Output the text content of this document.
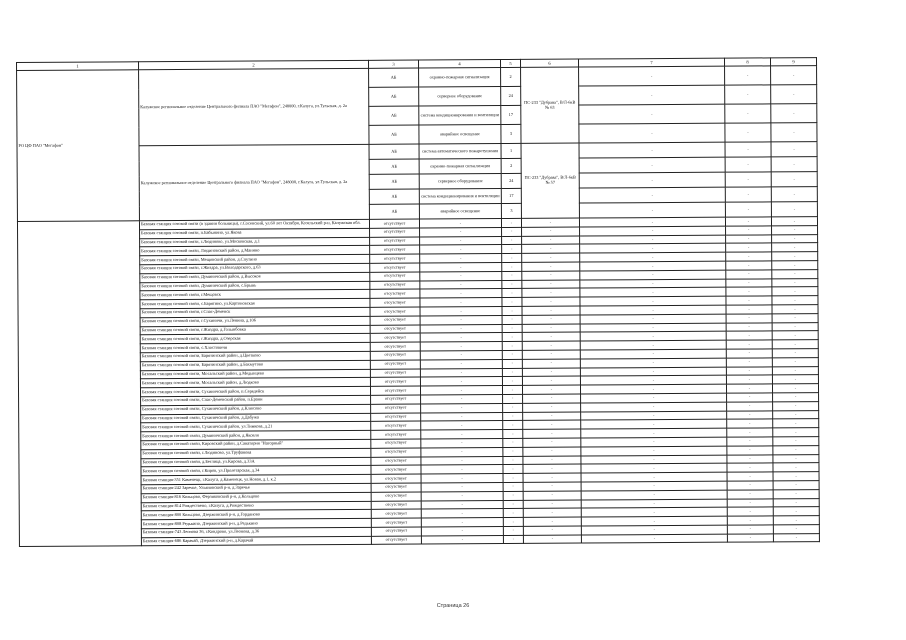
1	2	3	4	5	6	7	8	9
РО ЦФ ПАО "Мегафон"	Калужское региональное отделение Центрального филиала ПАО "Мегафон", 248000, г.Калуга, ул.Тульская, д. 2а	АБ	охранно-пожарная сигнализация	2	ПС-233 "Дубрава", В/Л-6кВ № 63	-	-	-
		АБ	серверное оборудование	24		-	-	-
		АБ	система кондиционирования и вентиляции	17		-	-	-
		АБ	аварийное освещение	3		-	-	-
	Калужское региональное отделение Центрального филиала ПАО "Мегафон", 248000, г.Калуга, ул.Тульская, д. 2а	АБ	система автоматического пожаротушения	1	ПС-233 "Дубрава", В/Л-6кВ № 57	-	-	-
		АБ	охранно-пожарная сигнализация	2		-	-	-
		АБ	серверное оборудование	24		-	-	-
		АБ	система кондиционирования и вентиляции	17		-	-	-
		АБ	аварийное освещение	3		-	-	-
	Базовая станция сотовой связи (в здании больницы), г.Сосенский, ул.60 лет Октября, Козельский р-н, Калужская обл.	отсутствует	-	-	-	-	-	-
	Базовая станция сотовой связи, п.Бабынино, ул.Якова	отсутствует	-	-	-	-	-	-
	Базовая станция сотовой связи, г.Людиново, ул.Московская, д.1	отсутствует	-	-	-	-	-	-
	Базовая станция сотовой связи, Людиновский район, д.Манино	отсутствует	-	-	-	-	-	-
	Базовая станция сотовой связи, Мещовский район, д.Спутино	отсутствует	-	-	-	-	-	-
	Базовая станция сотовой связи, г.Жиздра, ул.Володарского, д.63	отсутствует	-	-	-	-	-	-
	Базовая станция сотовой связи, Думиничский район, д.Высокое	отсутствует	-	-	-	-	-	-
	Базовая станция сотовой связи, Думиничский район, с.Брынь	отсутствует	-	-	-	-	-	-
	Базовая станция сотовой связи, г.Мещовск	отсутствует	-	-	-	-	-	-
	Базовая станция сотовой связи, с.Барятино, ул.Картоновская	отсутствует	-	-	-	-	-	-
	Базовая станция сотовой связи, г.Спас-Деменск	отсутствует	-	-	-	-	-	-
	Базовая станция сотовой связи, г.Сухиничи, ул.Ленина, д.106	отсутствует	-	-	-	-	-	-
	Базовая станция сотовой связи, г.Жиздра, д.Голынбовка	отсутствует	-	-	-	-	-	-
	Базовая станция сотовой связи, г.Жиздра, д.Озерская	отсутствует	-	-	-	-	-	-
	Базовая станция сотовой связи, с.Хлостовичи	отсутствует	-	-	-	-	-	-
	Базовая станция сотовой связи, Барятинский район, д.Цветково	отсутствует	-	-	-	-	-	-
	Базовая станция сотовой связи, Барятинский район, д.Бахмутово	отсутствует	-	-	-	-	-	-
	Базовая станция сотовой связи, Мосальский район, д.Медынцево	отсутствует	-	-	-	-	-	-
	Базовая станция сотовой связи, Мосальский район, д.Людково	отсутствует	-	-	-	-	-	-
	Базовая станция сотовой связи, Сухиничский район, п.Середейск	отсутствует	-	-	-	-	-	-
	Базовая станция сотовой связи, Спас-Деменский район, п.Ерани	отсутствует	-	-	-	-	-	-
	Базовая станция сотовой связи, Сухиничский район, д.Клюсово	отсутствует	-	-	-	-	-	-
	Базовая станция сотовой связи, Сухиничский район, д.Дабужа	отсутствует	-	-	-	-	-	-
	Базовая станция сотовой связи, Сухиничский район, ул.Тимкова, д.21	отсутствует	-	-	-	-	-	-
	Базовая станция сотовой связи, Думиничский район, д.Яковля	отсутствует	-	-	-	-	-	-
	Базовая станция сотовой связи, Кировский район, д.Санатория "Нагорный"	отсутствует	-	-	-	-	-	-
	Базовая станция сотовой связи, г.Людиново, ул.Труфанова	отсутствует	-	-	-	-	-	-
	Базовая станция сотовой связи, д.Бетлица, ул.Кирова, д.33А	отсутствует	-	-	-	-	-	-
	Базовая станция сотовой связи, г.Киров, ул.Пролетарская, д.34	отсутствует	-	-	-	-	-	-
	Базовая станция-351 Каменецк, г.Калуга, д.Каменецк, ул.Новая, д.1, к.2	отсутствует	-	-	-	-	-	-
	Базовая станция-242 Заречье, Ульяновский р-н, д.Заречье	отсутствует	-	-	-	-	-	-
	Базовая станция-816 Кольцово, Ферзиковский р-н, д.Кольцово	отсутствует	-	-	-	-	-	-
	Базовая станция-814 Рождествено, г.Калуга, д.Рождествено	отсутствует	-	-	-	-	-	-
	Базовая станция-800 Кольцово, Дзержинский р-н, д.Гордяново	отсутствует	-	-	-	-	-	-
	Базовая станция-808 Редькино, Дзержинский р-н, д.Редькино	отсутствует	-	-	-	-	-	-
	Базовая станция-743 Леонова 36, г.Кондрово, ул.Леонова, д.36	отсутствует	-	-	-	-	-	-
	Базовая станция-686 Карачай, Дзержинский р-н, д.Карачай	отсутствует	-	-	-	-	-	-
Страница 26
